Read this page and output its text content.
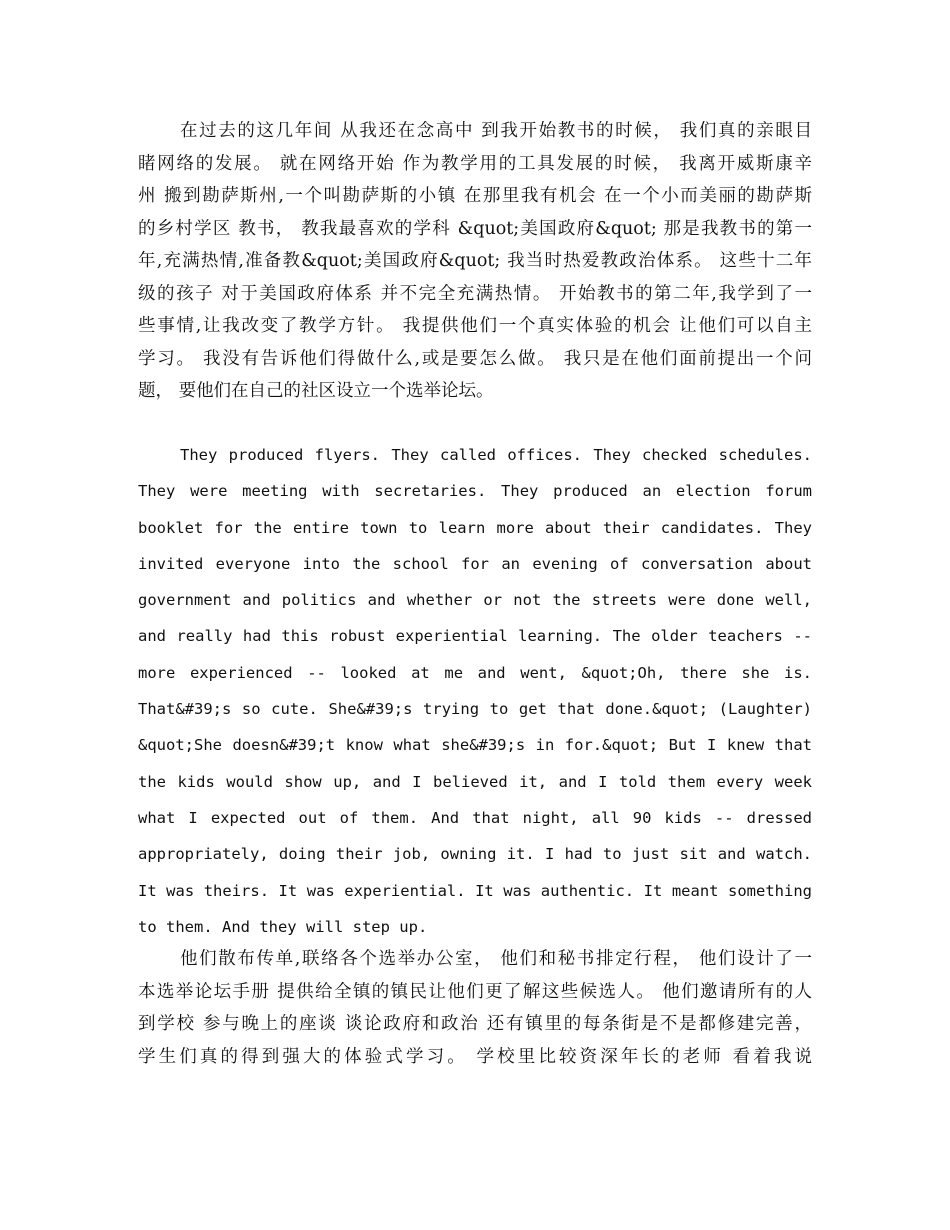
在过去的这几年间 从我还在念高中 到我开始教书的时候， 我们真的亲眼目
睹网络的发展。 就在网络开始 作为教学用的工具发展的时候， 我离开威斯康辛
州 搬到勘萨斯州,一个叫勘萨斯的小镇 在那里我有机会 在一个小而美丽的勘萨斯
的乡村学区 教书， 教我最喜欢的学科 &quot;美国政府&quot; 那是我教书的第一
年,充满热情,准备教&quot;美国政府&quot; 我当时热爱教政治体系。 这些十二年
级的孩子 对于美国政府体系 并不完全充满热情。 开始教书的第二年,我学到了一
些事情,让我改变了教学方针。 我提供他们一个真实体验的机会 让他们可以自主
学习。 我没有告诉他们得做什么,或是要怎么做。 我只是在他们面前提出一个问
题， 要他们在自己的社区设立一个选举论坛。
They produced flyers. They called offices. They checked schedules.
They were meeting with secretaries. They produced an election forum
booklet for the entire town to learn more about their candidates. They
invited everyone into the school for an evening of conversation about
government and politics and whether or not the streets were done well,
and really had this robust experiential learning. The older teachers --
more experienced -- looked at me and went, &quot;Oh, there she is.
That&#39;s so cute. She&#39;s trying to get that done.&quot; (Laughter)
&quot;She doesn&#39;t know what she&#39;s in for.&quot; But I knew that
the kids would show up, and I believed it, and I told them every week
what I expected out of them. And that night, all 90 kids -- dressed
appropriately, doing their job, owning it. I had to just sit and watch.
It was theirs. It was experiential. It was authentic. It meant something
to them. And they will step up.
他们散布传单,联络各个选举办公室， 他们和秘书排定行程， 他们设计了一
本选举论坛手册 提供给全镇的镇民让他们更了解这些候选人。 他们邀请所有的人
到学校 参与晚上的座谈 谈论政府和政治 还有镇里的每条街是不是都修建完善，
学生们真的得到强大的体验式学习。 学校里比较资深年长的老师 看着我说
